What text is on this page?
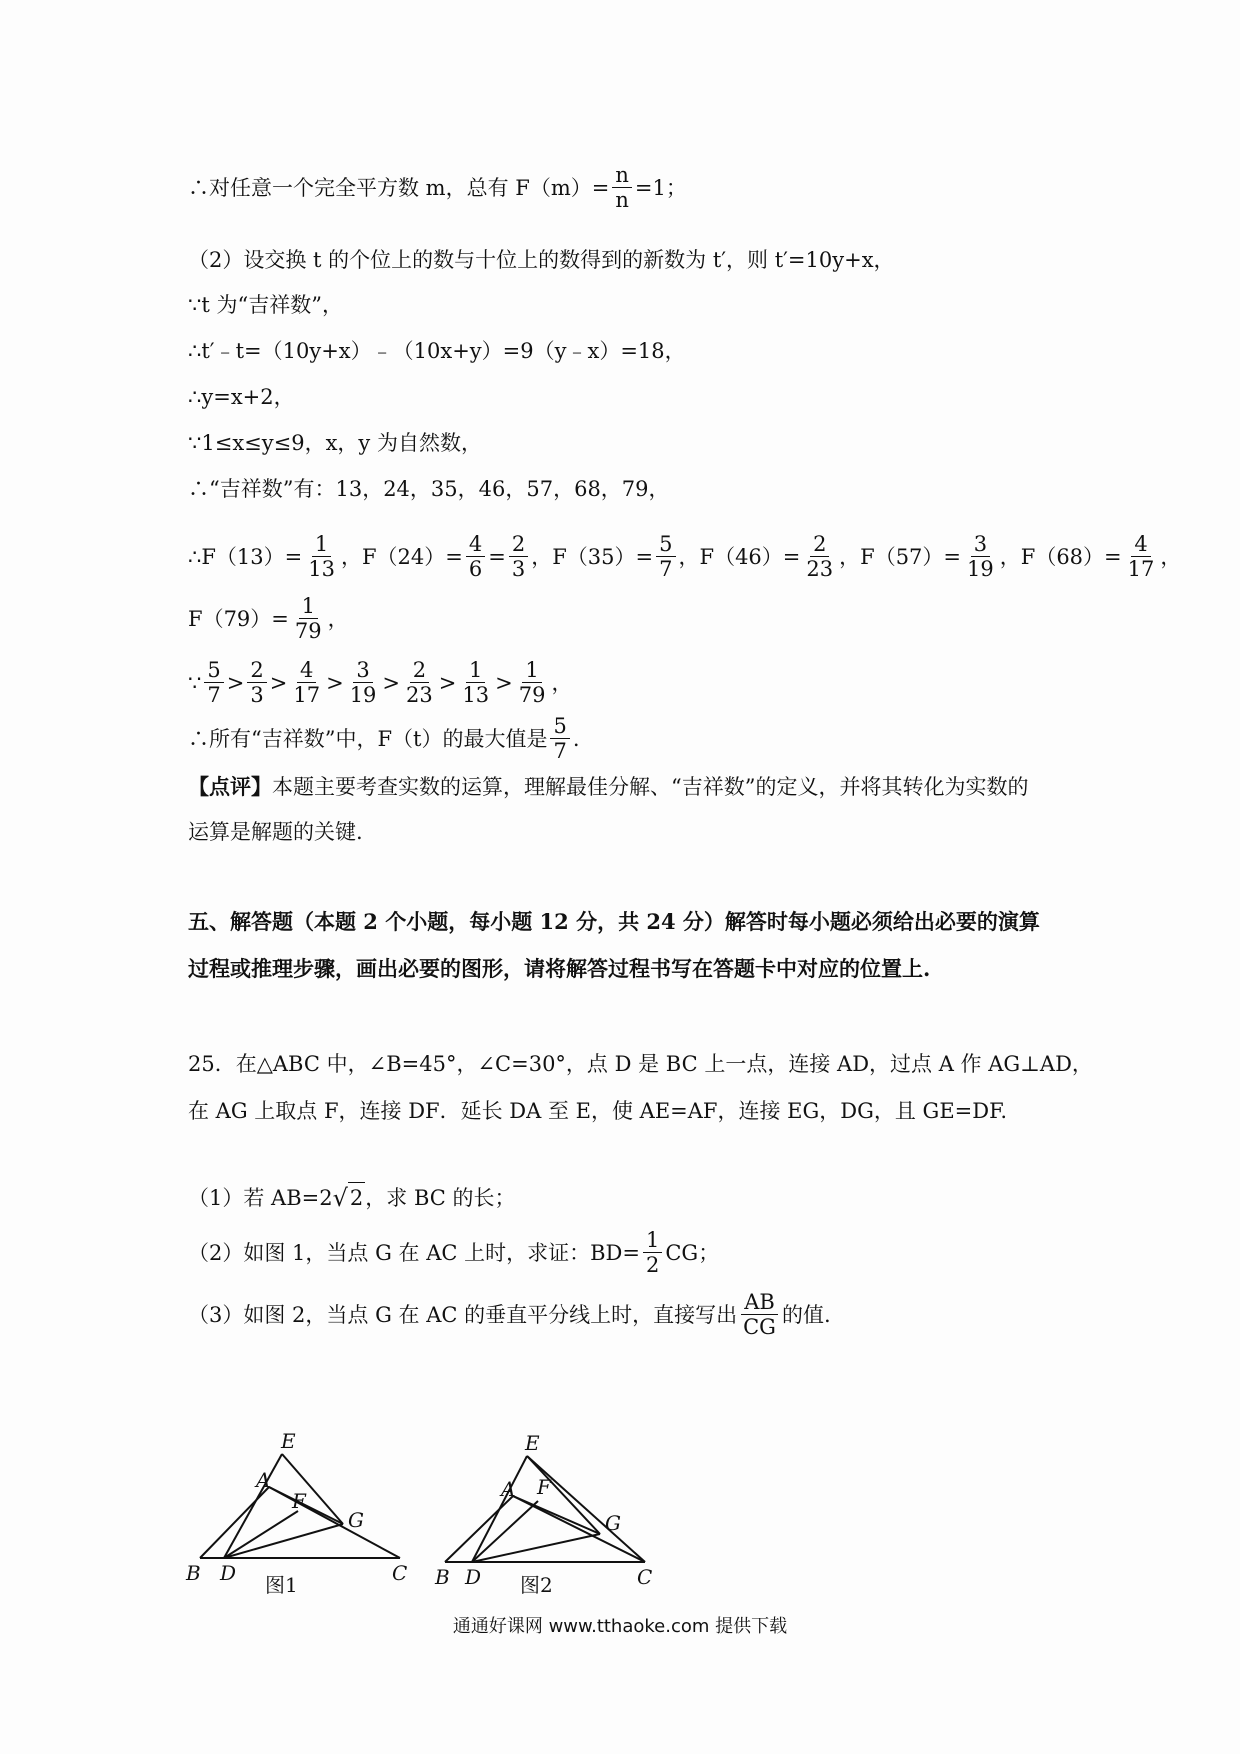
∴对任意一个完全平方数 m，总有 $F(m)= \frac{n}{n} =1$；
（2）设交换 t 的个位上的数与十位上的数得到的新数为 t′，则 t′=10y+x，
∵t 为“吉祥数”，
∴t′﹣t=（10y+x）﹣（10x+y）=9（y﹣x）=18，
∴y=x+2，
∵1≤x≤y≤9，x，y 为自然数，
∴“吉祥数”有：13，24，35，46，57，68，79，
∴F（13）= $\frac{1}{13}$ ，$F(24)= \frac{4}{6} = \frac{2}{3}$ ，$F(35)= \frac{5}{7}$ ，$F(46)= \frac{2}{23}$ ，$F(57)= \frac{3}{19}$ ，$F(68)= \frac{4}{17}$ ，
$F(79)= \frac{1}{79}$ ，
∵ $\frac{5}{7} > \frac{2}{3} > \frac{4}{17} > \frac{3}{19} > \frac{2}{23} > \frac{1}{13} > \frac{1}{79}$ ，
∴所有“吉祥数”中，F（t）的最大值是 $\frac{5}{7}$ .
【点评】 本题主要考查实数的运算，理解最佳分解、“吉祥数”的定义，并将其转化为实数的
运算是解题的关键.
五、解答题（本题 2 个小题，每小题 12 分，共 24 分）解答时每小题必须给出必要的演算
过程或推理步骤，画出必要的图形，请将解答过程书写在答题卡中对应的位置上.
25．在△ABC 中，∠B=45°，∠C=30°，点 D 是 BC 上一点，连接 AD，过点 A 作 AG⊥AD，
在 AG 上取点 F，连接 DF．延长 DA 至 E，使 AE=AF，连接 EG，DG，且 GE=DF.
（1）若 AB=2 √ 2 ，求 BC 的长；
（2）如图 1，当点 G 在 AC 上时，求证：$BD= \frac{1}{2}$ CG；
（3）如图 2，当点 G 在 AC 的垂直平分线上时，直接写出 $\frac{AB}{CG}$ 的值.
E
A
F
G
B D	C
图1
E
A F
G
B D	C
图2
通通好课网 www.tthaoke.com 提供下载
